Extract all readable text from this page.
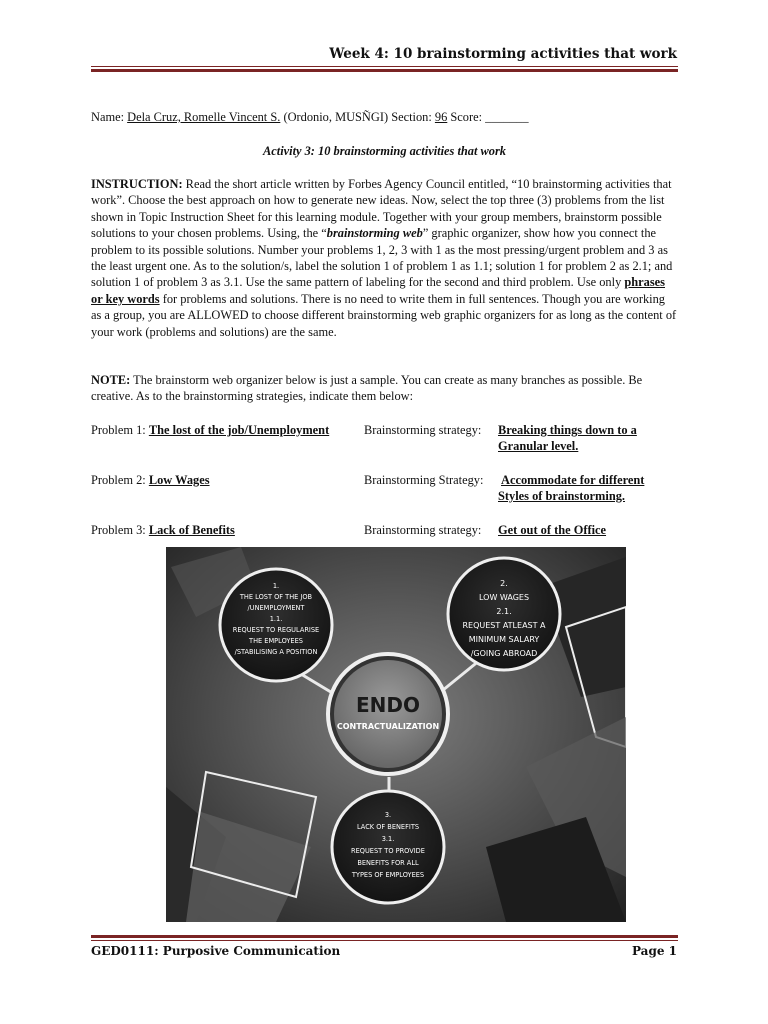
Week 4: 10 brainstorming activities that work
Name: Dela Cruz, Romelle Vincent S. (Ordonio, MUSÑGI) Section: 96 Score: _______
Activity 3: 10 brainstorming activities that work
INSTRUCTION: Read the short article written by Forbes Agency Council entitled, “10 brainstorming activities that work”. Choose the best approach on how to generate new ideas. Now, select the top three (3) problems from the list shown in Topic Instruction Sheet for this learning module. Together with your group members, brainstorm possible solutions to your chosen problems. Using, the “brainstorming web” graphic organizer, show how you connect the problem to its possible solutions. Number your problems 1, 2, 3 with 1 as the most pressing/urgent problem and 3 as the least urgent one. As to the solution/s, label the solution 1 of problem 1 as 1.1; solution 1 for problem 2 as 2.1; and solution 1 of problem 3 as 3.1. Use the same pattern of labeling for the second and third problem. Use only phrases or key words for problems and solutions. There is no need to write them in full sentences. Though you are working as a group, you are ALLOWED to choose different brainstorming web graphic organizers for as long as the content of your work (problems and solutions) are the same.
NOTE: The brainstorm web organizer below is just a sample. You can create as many branches as possible. Be creative. As to the brainstorming strategies, indicate them below:
Problem 1: The lost of the job/Unemployment	Brainstorming strategy: Breaking things down to a
Granular level.
Problem 2: Low Wages	Brainstorming Strategy: Accommodate for different
Styles of brainstorming.
Problem 3: Lack of Benefits	Brainstorming strategy: Get out of the Office
ENDO
CONTRACTUALIZATION
1.
THE LOST OF THE JOB
/UNEMPLOYMENT
1.1.
REQUEST TO REGULARISE
THE EMPLOYEES
/STABILISING A POSITION
2.
LOW WAGES
2.1.
REQUEST ATLEAST A
MINIMUM SALARY
/GOING ABROAD
3.
LACK OF BENEFITS
3.1.
REQUEST TO PROVIDE
BENEFITS FOR ALL
TYPES OF EMPLOYEES
GED0111: Purposive Communication	Page 1
